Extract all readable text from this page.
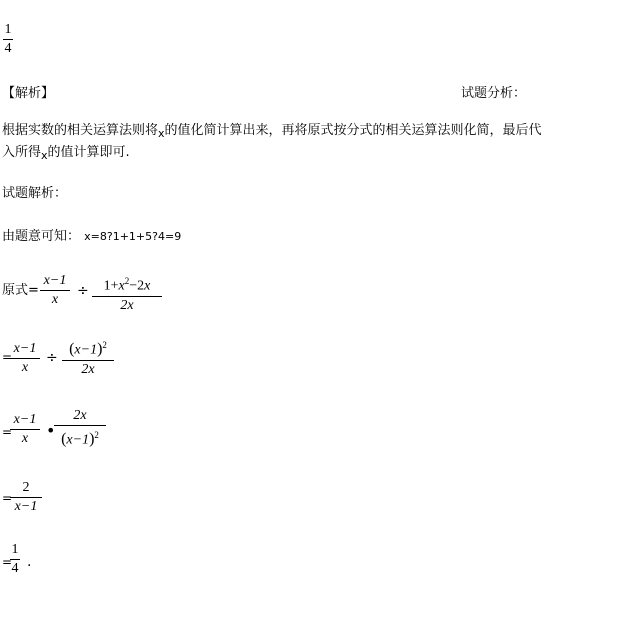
1
4
【解析】	试题分析：
根据实数的相关运算法则将$_x$的值化简计算出来，再将原式按分式的相关运算法则化简，最后代
入所得$_x$的值计算即可.
试题解析：
由题意可知： x=8?1+1+5?4=9
原式=
x−1
x
÷	$1+x^2-2x$
2x
=
x−1
x
÷
$(x-1)^2$
2x
=
x−1
x	•
2x
$(x-1)^2$
=
2
x−1
=
1
4 .
